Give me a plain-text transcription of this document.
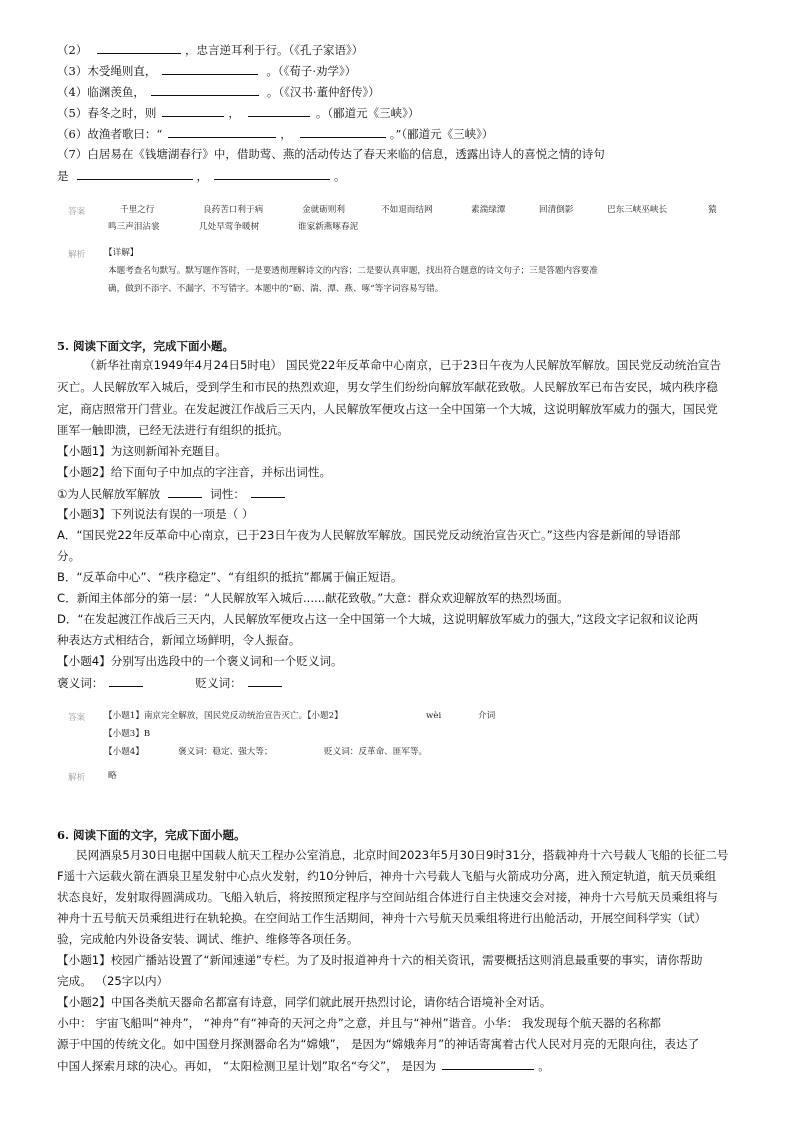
（2）	，忠言逆耳利于行。（《孔子家语》）
（3）木受绳则直，	。（《荀子·劝学》）
（4）临渊羡鱼，	。（《汉书·董仲舒传》）
（5）春冬之时，则	，	。（郦道元《三峡》）
（6）故渔者歌曰：“	，	。”（郦道元《三峡》）
（7）白居易在《钱塘湖春行》中，借助莺、燕的活动传达了春天来临的信息，透露出诗人的喜悦之情的诗句
是	，	。
答案	千里之行	良药苦口利于病	金就砺则利	不如退而结网	素湍绿潭	回清倒影	巴东三峡巫峡长	猿
鸣三声泪沾裳	几处早莺争暖树	谁家新燕啄春泥
解析 【详解】
本题考查名句默写。默写题作答时，一是要透彻理解诗文的内容；二是要认真审题，找出符合题意的诗文句子；三是答题内容要准
确，做到不添字、不漏字、不写错字。本题中的“砺、湍、潭、燕、啄”等字词容易写错。
5. 阅读下面文字，完成下面小题。
（新华社南京1949年4月24日5时电） 国民党22年反革命中心南京，已于23日午夜为人民解放军解放。国民党反动统治宣告
灭亡。人民解放军入城后，受到学生和市民的热烈欢迎，男女学生们纷纷向解放军献花致敬。人民解放军已布告安民，城内秩序稳
定，商店照常开门营业。在发起渡江作战后三天内，人民解放军便攻占这一全中国第一个大城，这说明解放军威力的强大，国民党
匪军一触即溃，已经无法进行有组织的抵抗。
【小题1】为这则新闻补充题目。
【小题2】给下面句子中加点的字注音，并标出词性。
①为人民解放军解放	词性：
【小题3】下列说法有误的一项是（ ）
A．“国民党22年反革命中心南京，已于23日午夜为人民解放军解放。国民党反动统治宣告灭亡。”这些内容是新闻的导语部
分。
B．“反革命中心”、“秩序稳定”、“有组织的抵抗”都属于偏正短语。
C．新闻主体部分的第一层：“人民解放军入城后......献花致敬。”大意：群众欢迎解放军的热烈场面。
D．“在发起渡江作战后三天内，人民解放军便攻占这一全中国第一个大城，这说明解放军威力的强大，”这段文字记叙和议论两
种表达方式相结合，新闻立场鲜明，令人振奋。
【小题4】分别写出选段中的一个褒义词和一个贬义词。
褒义词：	贬义词：
答案 【小题1】南京完全解放，国民党反动统治宣告灭亡。【小题2】	wèi	介词
【小题3】B
【小题4】	褒义词：稳定、强大等；	贬义词：反革命、匪军等。
解析	略
6. 阅读下面的文字，完成下面小题。
民网酒泉5月30日电据中国载人航天工程办公室消息，北京时间2023年5月30日9时31分，搭载神舟十六号载人飞船的长征二号
F遥十六运载火箭在酒泉卫星发射中心点火发射，约10分钟后，神舟十六号载人飞船与火箭成功分离，进入预定轨道，航天员乘组
状态良好，发射取得圆满成功。飞船入轨后，将按照预定程序与空间站组合体进行自主快速交会对接，神舟十六号航天员乘组将与
神舟十五号航天员乘组进行在轨轮换。在空间站工作生活期间，神舟十六号航天员乘组将进行出舱活动，开展空间科学实（试）
验，完成舱内外设备安装、调试、维护、维修等各项任务。
【小题1】校园广播站设置了“新闻速递”专栏。为了及时报道神舟十六的相关资讯，需要概括这则消息最重要的事实，请你帮助
完成。 （25字以内）
【小题2】中国各类航天器命名都富有诗意，同学们就此展开热烈讨论，请你结合语境补全对话。
小中： 宇宙飞船叫“神舟”， “神舟”有“神奇的天河之舟”之意，并且与“神州”谐音。小华： 我发现每个航天器的名称都
源于中国的传统文化。如中国登月探测器命名为“嫦娥”， 是因为“嫦娥奔月”的神话寄寓着古代人民对月亮的无限向往，表达了
中国人探索月球的决心。再如， “太阳检测卫星计划”取名“夸父”， 是因为	。
